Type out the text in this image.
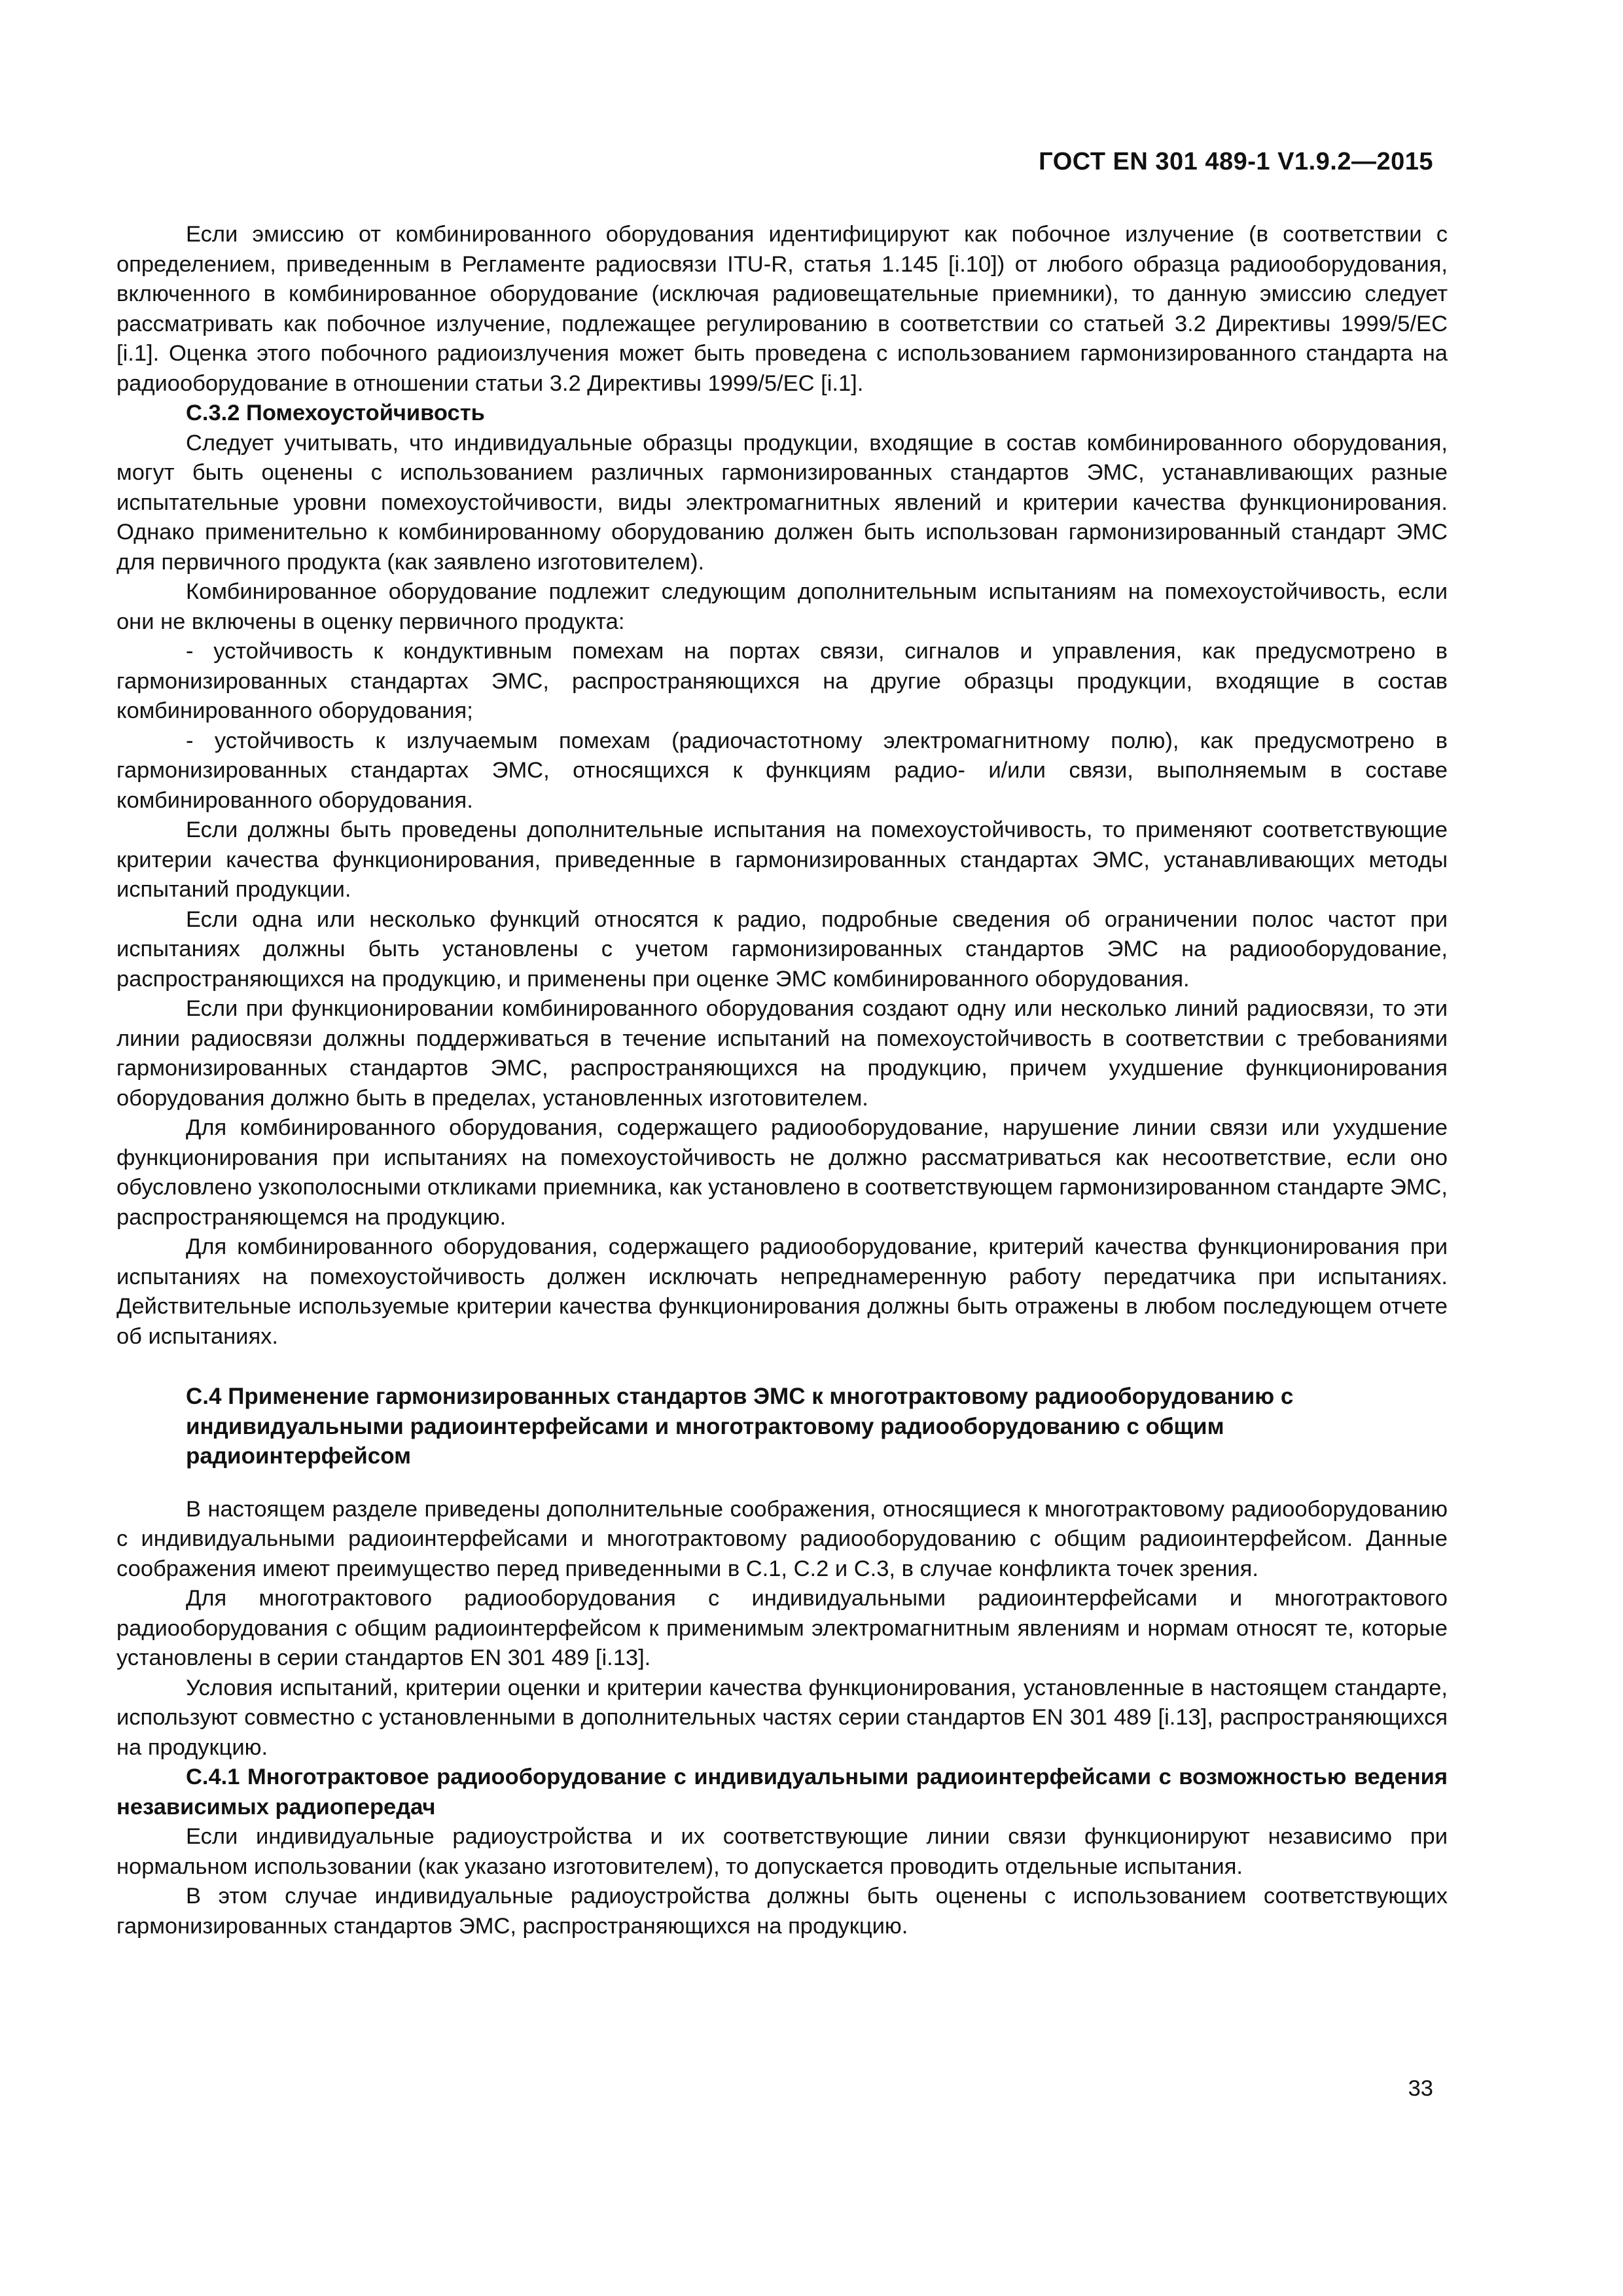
ГОСТ EN 301 489-1 V1.9.2—2015

Если эмиссию от комбинированного оборудования идентифицируют как побочное излучение (в соответствии с определением, приведенным в Регламенте радиосвязи ITU-R, статья 1.145 [i.10]) от любого образца радиооборудования, включенного в комбинированное оборудование (исключая радиовещательные приемники), то данную эмиссию следует рассматривать как побочное излучение, подлежащее регулированию в соответствии со статьей 3.2 Директивы 1999/5/ЕС [i.1]. Оценка этого побочного радиоизлучения может быть проведена с использованием гармонизированного стандарта на радиооборудование в отношении статьи 3.2 Директивы 1999/5/ЕС [i.1].

С.3.2 Помехоустойчивость

Следует учитывать, что индивидуальные образцы продукции, входящие в состав комбинированного оборудования, могут быть оценены с использованием различных гармонизированных стандартов ЭМС, устанавливающих разные испытательные уровни помехоустойчивости, виды электромагнитных явлений и критерии качества функционирования. Однако применительно к комбинированному оборудованию должен быть использован гармонизированный стандарт ЭМС для первичного продукта (как заявлено изготовителем).

Комбинированное оборудование подлежит следующим дополнительным испытаниям на помехоустойчивость, если они не включены в оценку первичного продукта:

- устойчивость к кондуктивным помехам на портах связи, сигналов и управления, как предусмотрено в гармонизированных стандартах ЭМС, распространяющихся на другие образцы продукции, входящие в состав комбинированного оборудования;

- устойчивость к излучаемым помехам (радиочастотному электромагнитному полю), как предусмотрено в гармонизированных стандартах ЭМС, относящихся к функциям радио- и/или связи, выполняемым в составе комбинированного оборудования.

Если должны быть проведены дополнительные испытания на помехоустойчивость, то применяют соответствующие критерии качества функционирования, приведенные в гармонизированных стандартах ЭМС, устанавливающих методы испытаний продукции.

Если одна или несколько функций относятся к радио, подробные сведения об ограничении полос частот при испытаниях должны быть установлены с учетом гармонизированных стандартов ЭМС на радиооборудование, распространяющихся на продукцию, и применены при оценке ЭМС комбинированного оборудования.

Если при функционировании комбинированного оборудования создают одну или несколько линий радиосвязи, то эти линии радиосвязи должны поддерживаться в течение испытаний на помехоустойчивость в соответствии с требованиями гармонизированных стандартов ЭМС, распространяющихся на продукцию, причем ухудшение функционирования оборудования должно быть в пределах, установленных изготовителем.

Для комбинированного оборудования, содержащего радиооборудование, нарушение линии связи или ухудшение функционирования при испытаниях на помехоустойчивость не должно рассматриваться как несоответствие, если оно обусловлено узкополосными откликами приемника, как установлено в соответствующем гармонизированном стандарте ЭМС, распространяющемся на продукцию.

Для комбинированного оборудования, содержащего радиооборудование, критерий качества функционирования при испытаниях на помехоустойчивость должен исключать непреднамеренную работу передатчика при испытаниях. Действительные используемые критерии качества функционирования должны быть отражены в любом последующем отчете об испытаниях.

С.4 Применение гармонизированных стандартов ЭМС к многотрактовому радиооборудованию с индивидуальными радиоинтерфейсами и многотрактовому радиооборудованию с общим радиоинтерфейсом

В настоящем разделе приведены дополнительные соображения, относящиеся к многотрактовому радиооборудованию с индивидуальными радиоинтерфейсами и многотрактовому радиооборудованию с общим радиоинтерфейсом. Данные соображения имеют преимущество перед приведенными в С.1, С.2 и С.3, в случае конфликта точек зрения.

Для многотрактового радиооборудования с индивидуальными радиоинтерфейсами и многотрактового радиооборудования с общим радиоинтерфейсом к применимым электромагнитным явлениям и нормам относят те, которые установлены в серии стандартов EN 301 489 [i.13].

Условия испытаний, критерии оценки и критерии качества функционирования, установленные в настоящем стандарте, используют совместно с установленными в дополнительных частях серии стандартов EN 301 489 [i.13], распространяющихся на продукцию.

С.4.1 Многотрактовое радиооборудование с индивидуальными радиоинтерфейсами с возможностью ведения независимых радиопередач

Если индивидуальные радиоустройства и их соответствующие линии связи функционируют независимо при нормальном использовании (как указано изготовителем), то допускается проводить отдельные испытания.

В этом случае индивидуальные радиоустройства должны быть оценены с использованием соответствующих гармонизированных стандартов ЭМС, распространяющихся на продукцию.

33
